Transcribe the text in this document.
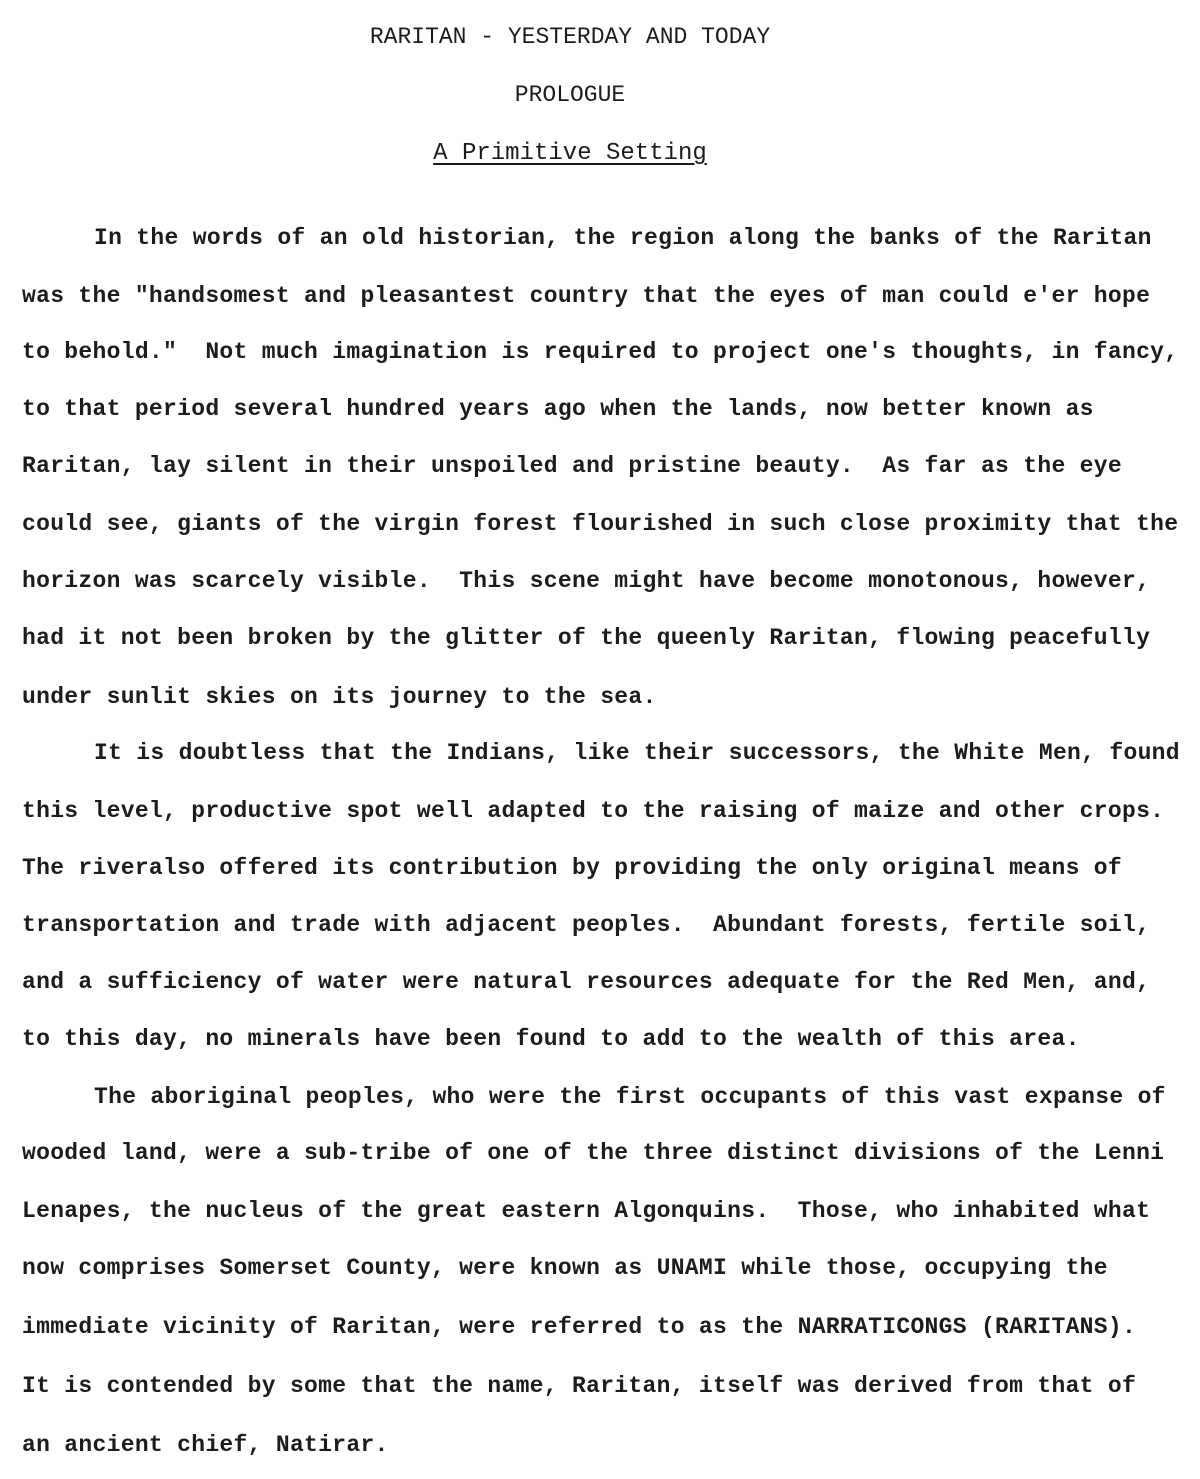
RARITAN - YESTERDAY AND TODAY
PROLOGUE
A Primitive Setting
In the words of an old historian, the region along the banks of the Raritan
was the "handsomest and pleasantest country that the eyes of man could e'er hope
to behold."  Not much imagination is required to project one's thoughts, in fancy,
to that period several hundred years ago when the lands, now better known as
Raritan, lay silent in their unspoiled and pristine beauty.  As far as the eye
could see, giants of the virgin forest flourished in such close proximity that the
horizon was scarcely visible.  This scene might have become monotonous, however,
had it not been broken by the glitter of the queenly Raritan, flowing peacefully
under sunlit skies on its journey to the sea.
It is doubtless that the Indians, like their successors, the White Men, found
this level, productive spot well adapted to the raising of maize and other crops.
The riveralso offered its contribution by providing the only original means of
transportation and trade with adjacent peoples.  Abundant forests, fertile soil,
and a sufficiency of water were natural resources adequate for the Red Men, and,
to this day, no minerals have been found to add to the wealth of this area.
The aboriginal peoples, who were the first occupants of this vast expanse of
wooded land, were a sub-tribe of one of the three distinct divisions of the Lenni
Lenapes, the nucleus of the great eastern Algonquins.  Those, who inhabited what
now comprises Somerset County, were known as UNAMI while those, occupying the
immediate vicinity of Raritan, were referred to as the NARRATICONGS (RARITANS).
It is contended by some that the name, Raritan, itself was derived from that of
an ancient chief, Natirar.
